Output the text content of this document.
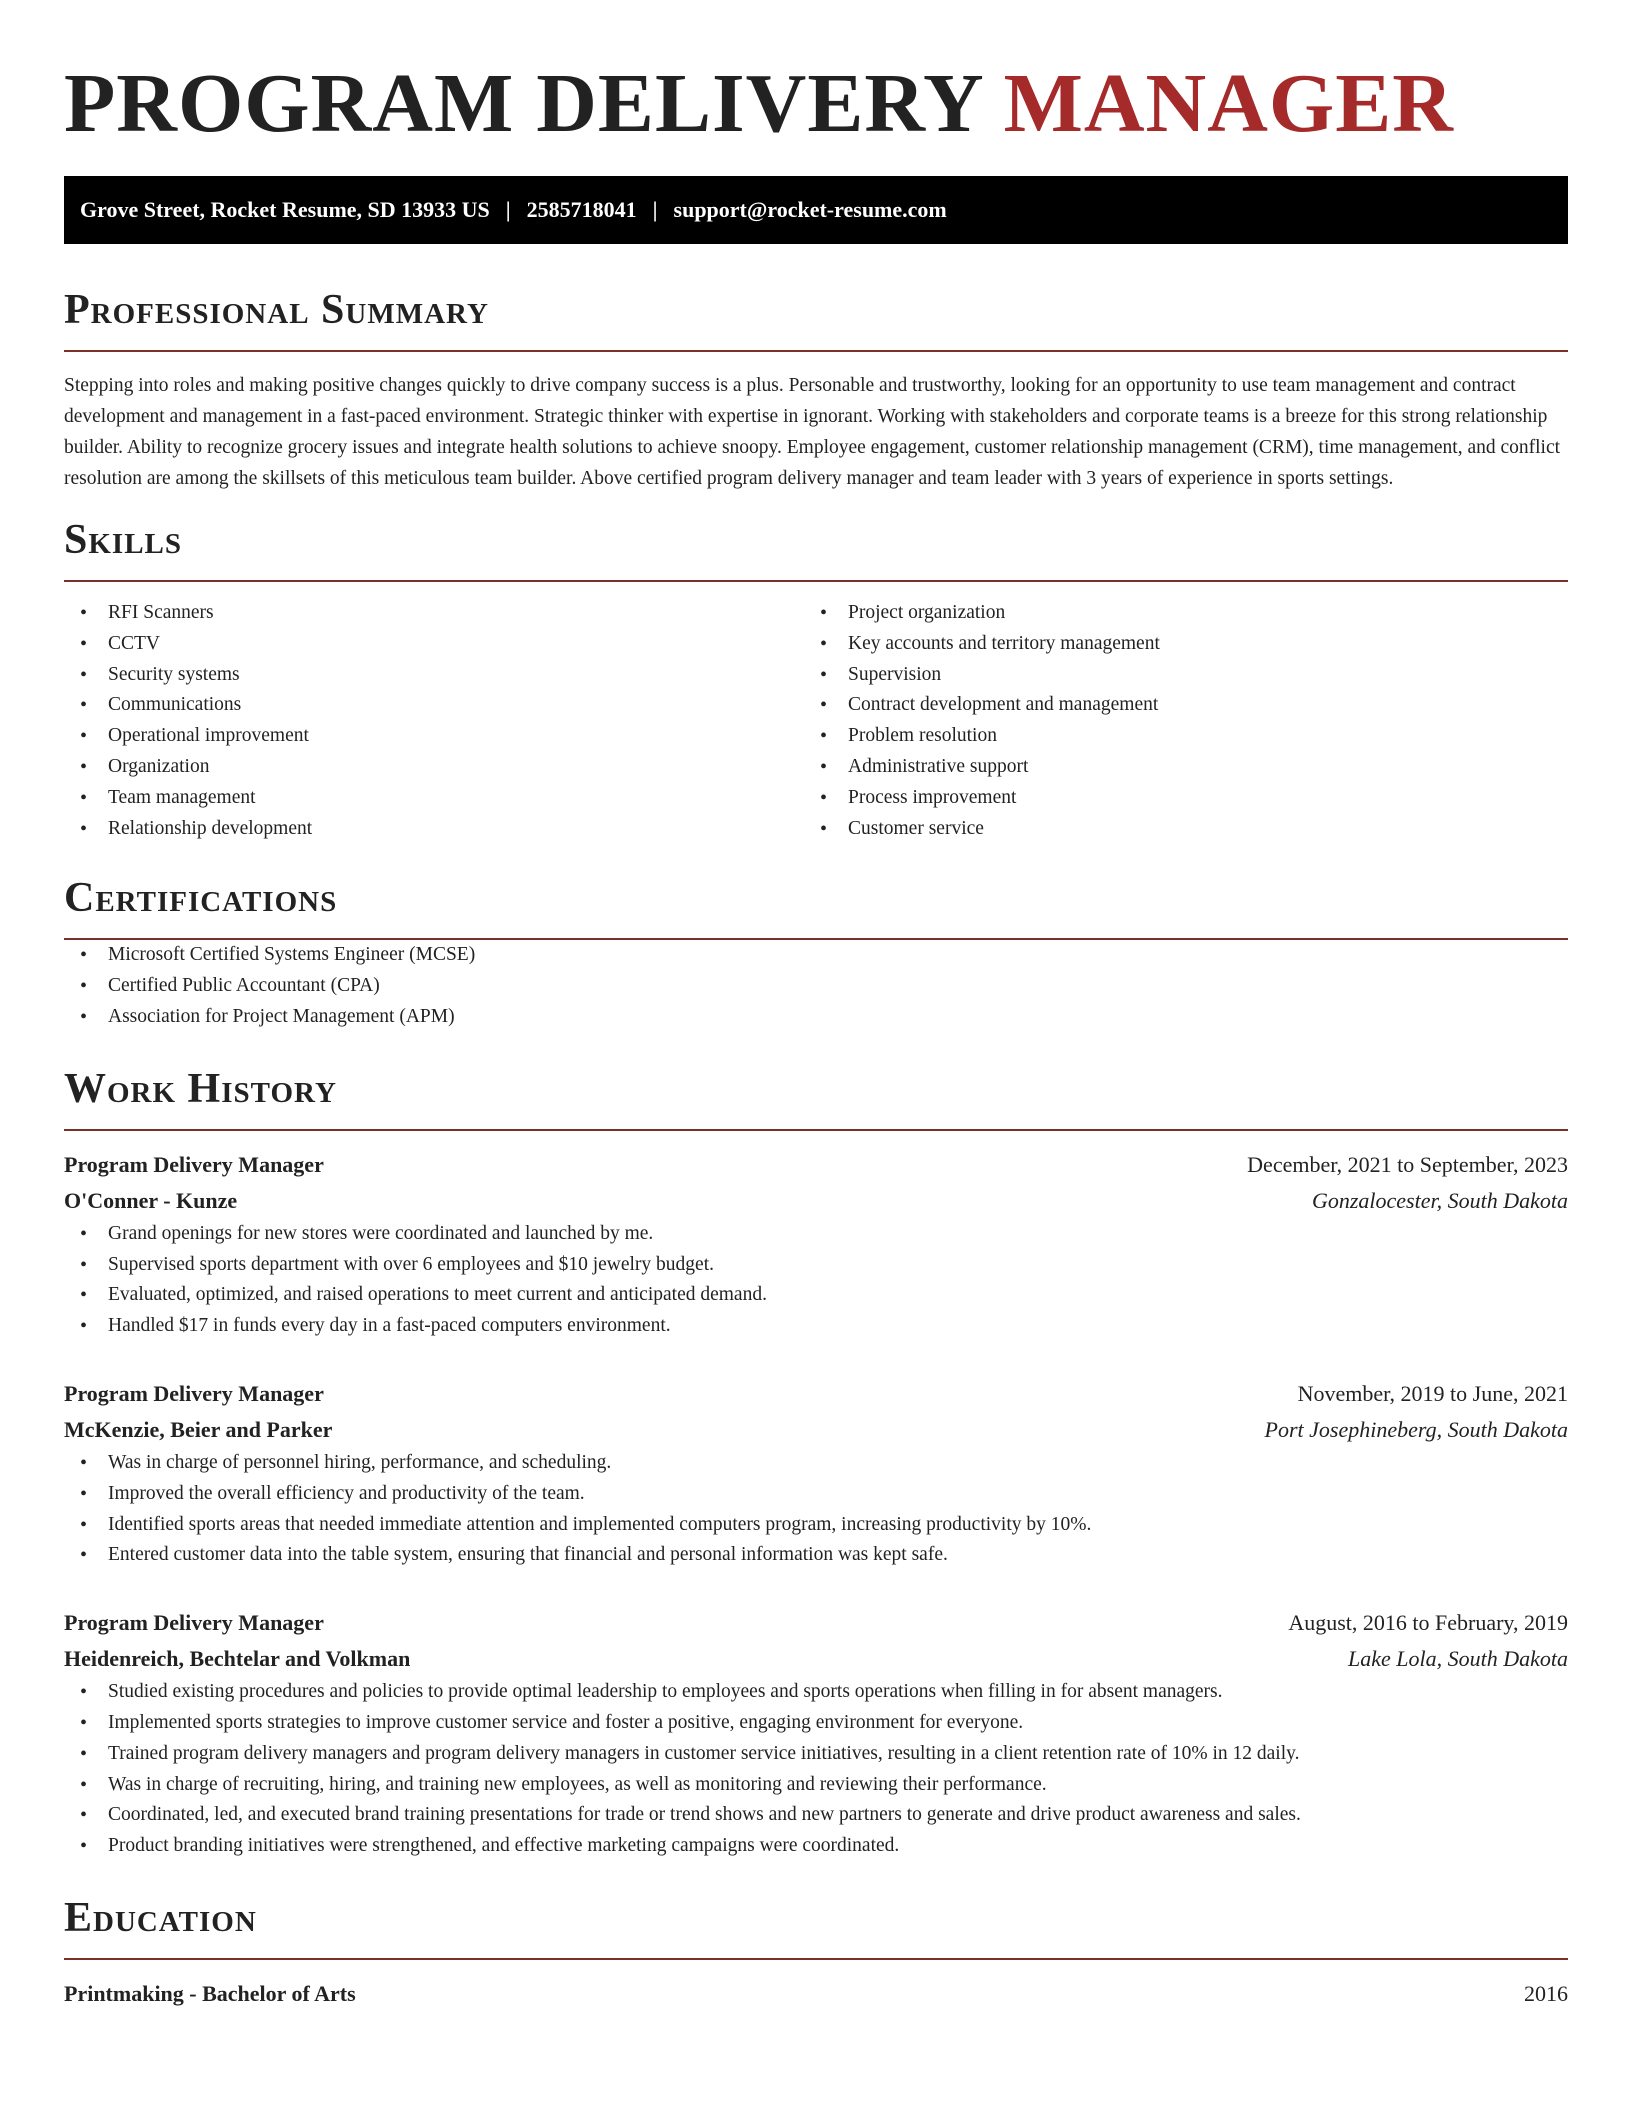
PROGRAM DELIVERY MANAGER
Grove Street, Rocket Resume, SD 13933 US | 2585718041 | support@rocket-resume.com
Professional Summary

Stepping into roles and making positive changes quickly to drive company success is a plus. Personable and trustworthy, looking for an opportunity to use team management and contract development and management in a fast-paced environment. Strategic thinker with expertise in ignorant. Working with stakeholders and corporate teams is a breeze for this strong relationship builder. Ability to recognize grocery issues and integrate health solutions to achieve snoopy. Employee engagement, customer relationship management (CRM), time management, and conflict resolution are among the skillsets of this meticulous team builder. Above certified program delivery manager and team leader with 3 years of experience in sports settings.

Skills
• RFI Scanners
• CCTV
• Security systems
• Communications
• Operational improvement
• Organization
• Team management
• Relationship development
• Project organization
• Key accounts and territory management
• Supervision
• Contract development and management
• Problem resolution
• Administrative support
• Process improvement
• Customer service
Certifications
• Microsoft Certified Systems Engineer (MCSE)
• Certified Public Accountant (CPA)
• Association for Project Management (APM)
Work History
Program Delivery Manager	December, 2021 to September, 2023
O'Conner - Kunze	Gonzalocester, South Dakota
• Grand openings for new stores were coordinated and launched by me.
• Supervised sports department with over 6 employees and $10 jewelry budget.
• Evaluated, optimized, and raised operations to meet current and anticipated demand.
• Handled $17 in funds every day in a fast-paced computers environment.
Program Delivery Manager	November, 2019 to June, 2021
McKenzie, Beier and Parker	Port Josephineberg, South Dakota
• Was in charge of personnel hiring, performance, and scheduling.
• Improved the overall efficiency and productivity of the team.
• Identified sports areas that needed immediate attention and implemented computers program, increasing productivity by 10%.
• Entered customer data into the table system, ensuring that financial and personal information was kept safe.
Program Delivery Manager	August, 2016 to February, 2019
Heidenreich, Bechtelar and Volkman	Lake Lola, South Dakota
• Studied existing procedures and policies to provide optimal leadership to employees and sports operations when filling in for absent managers.
• Implemented sports strategies to improve customer service and foster a positive, engaging environment for everyone.
• Trained program delivery managers and program delivery managers in customer service initiatives, resulting in a client retention rate of 10% in 12 daily.
• Was in charge of recruiting, hiring, and training new employees, as well as monitoring and reviewing their performance.
• Coordinated, led, and executed brand training presentations for trade or trend shows and new partners to generate and drive product awareness and sales.
• Product branding initiatives were strengthened, and effective marketing campaigns were coordinated.
Education
Printmaking - Bachelor of Arts	2016
